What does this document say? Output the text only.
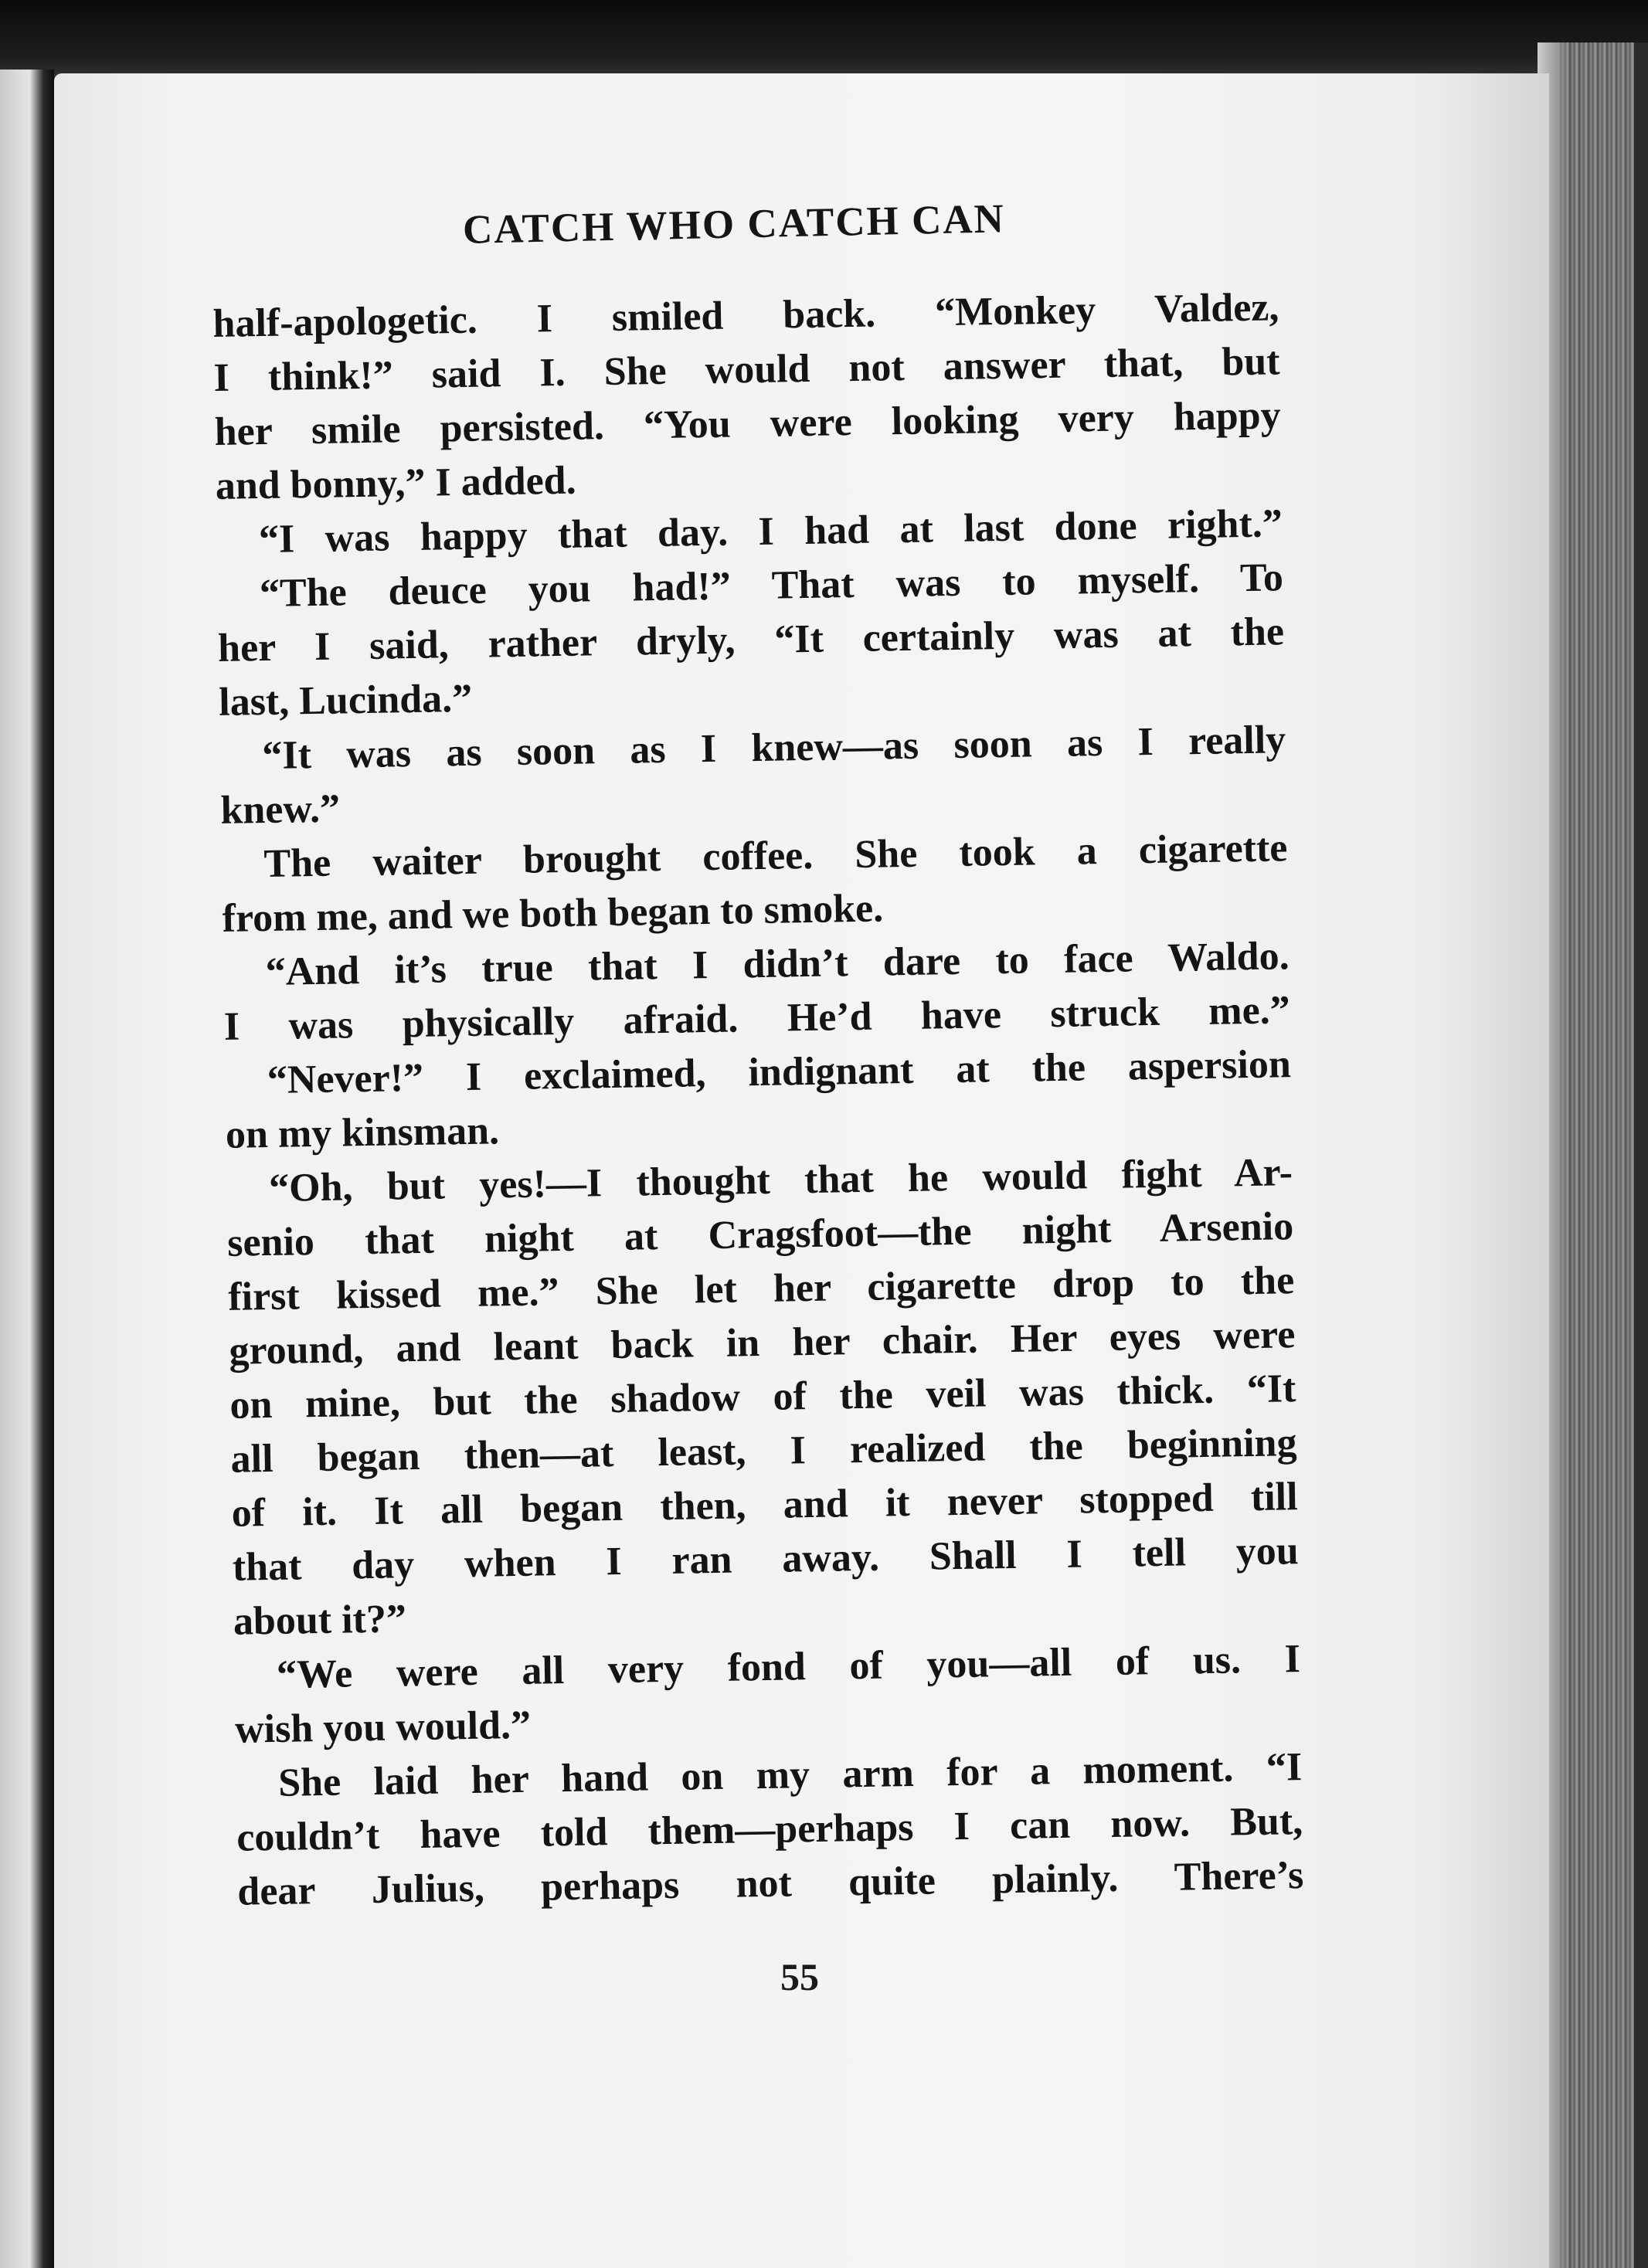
CATCH WHO CATCH CAN
half-apologetic. I smiled back. “Monkey Valdez,
I think!” said I. She would not answer that, but
her smile persisted. “You were looking very happy
and bonny,” I added.
“I was happy that day. I had at last done right.”
“The deuce you had!” That was to myself. To
her I said, rather dryly, “It certainly was at the
last, Lucinda.”
“It was as soon as I knew—as soon as I really
knew.”
The waiter brought coffee. She took a cigarette
from me, and we both began to smoke.
“And it’s true that I didn’t dare to face Waldo.
I was physically afraid. He’d have struck me.”
“Never!” I exclaimed, indignant at the aspersion
on my kinsman.
“Oh, but yes!—I thought that he would fight Ar-
senio that night at Cragsfoot—the night Arsenio
first kissed me.” She let her cigarette drop to the
ground, and leant back in her chair. Her eyes were
on mine, but the shadow of the veil was thick. “It
all began then—at least, I realized the beginning
of it. It all began then, and it never stopped till
that day when I ran away. Shall I tell you
about it?”
“We were all very fond of you—all of us. I
wish you would.”
She laid her hand on my arm for a moment. “I
couldn’t have told them—perhaps I can now. But,
dear Julius, perhaps not quite plainly. There’s
55
